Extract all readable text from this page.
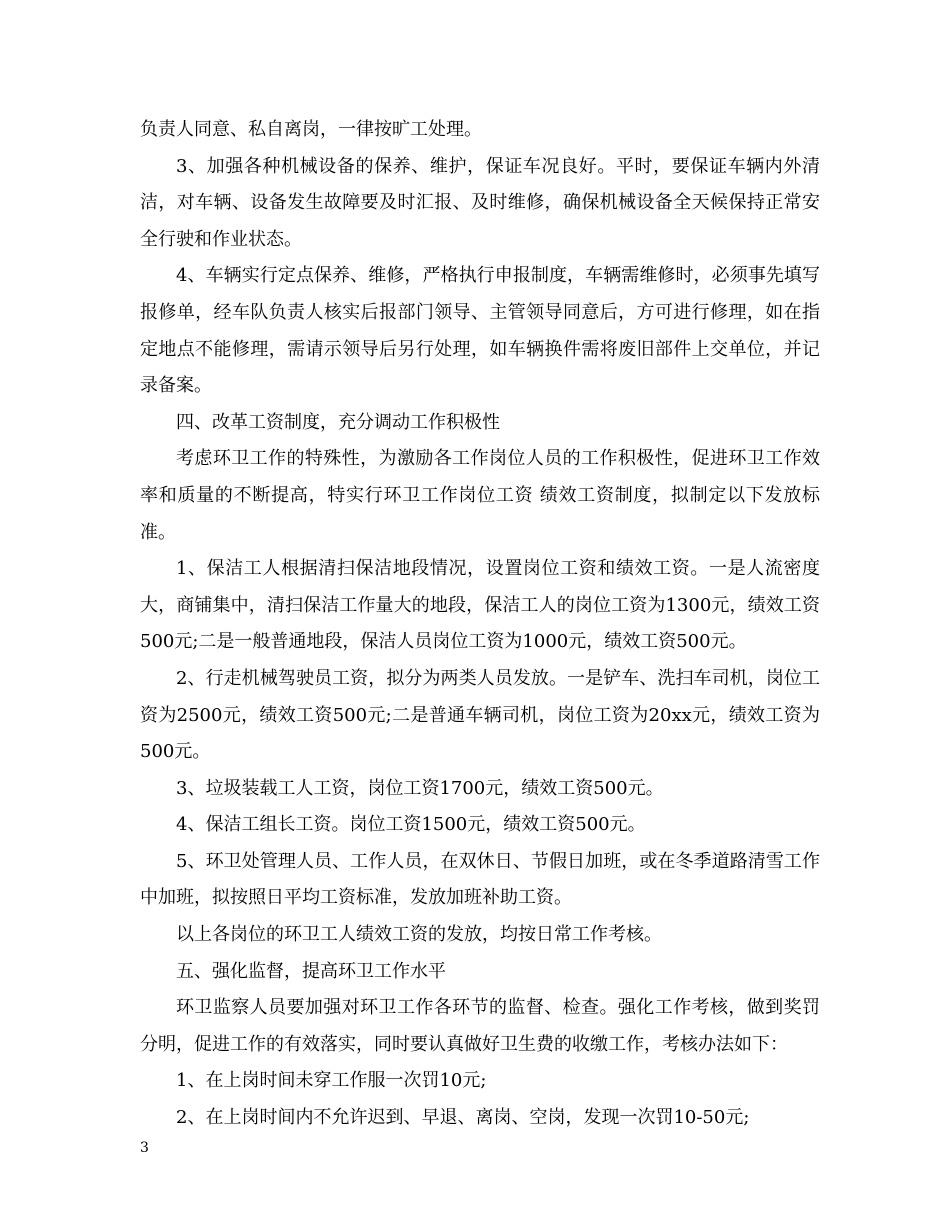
负责人同意、私自离岗，一律按旷工处理。

3、加强各种机械设备的保养、维护，保证车况良好。平时，要保证车辆内外清洁，对车辆、设备发生故障要及时汇报、及时维修，确保机械设备全天候保持正常安全行驶和作业状态。

4、车辆实行定点保养、维修，严格执行申报制度，车辆需维修时，必须事先填写报修单，经车队负责人核实后报部门领导、主管领导同意后，方可进行修理，如在指定地点不能修理，需请示领导后另行处理，如车辆换件需将废旧部件上交单位，并记录备案。

四、改革工资制度，充分调动工作积极性

考虑环卫工作的特殊性，为激励各工作岗位人员的工作积极性，促进环卫工作效率和质量的不断提高，特实行环卫工作岗位工资 绩效工资制度，拟制定以下发放标准。

1、保洁工人根据清扫保洁地段情况，设置岗位工资和绩效工资。一是人流密度大，商铺集中，清扫保洁工作量大的地段，保洁工人的岗位工资为1300元，绩效工资500元;二是一般普通地段，保洁人员岗位工资为1000元，绩效工资500元。

2、行走机械驾驶员工资，拟分为两类人员发放。一是铲车、洗扫车司机，岗位工资为2500元，绩效工资500元;二是普通车辆司机，岗位工资为20xx元，绩效工资为500元。

3、垃圾装载工人工资，岗位工资1700元，绩效工资500元。

4、保洁工组长工资。岗位工资1500元，绩效工资500元。

5、环卫处管理人员、工作人员，在双休日、节假日加班，或在冬季道路清雪工作中加班，拟按照日平均工资标准，发放加班补助工资。

以上各岗位的环卫工人绩效工资的发放，均按日常工作考核。

五、强化监督，提高环卫工作水平

环卫监察人员要加强对环卫工作各环节的监督、检查。强化工作考核，做到奖罚分明，促进工作的有效落实，同时要认真做好卫生费的收缴工作，考核办法如下：

1、在上岗时间未穿工作服一次罚10元;

2、在上岗时间内不允许迟到、早退、离岗、空岗，发现一次罚10-50元;

3
